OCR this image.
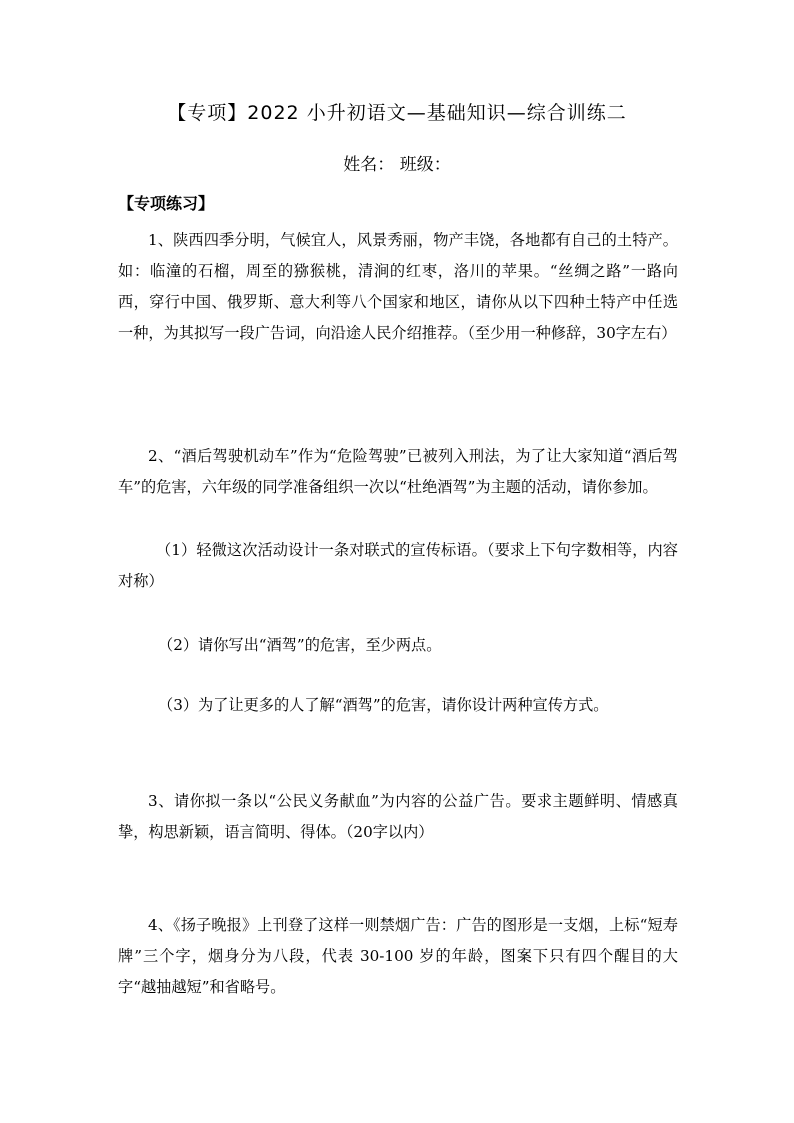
【专项】2022 小升初语文—基础知识—综合训练二
姓名： 班级：
【专项练习】
1、陕西四季分明，气候宜人，风景秀丽，物产丰饶，各地都有自己的土特产。如：临潼的石榴，周至的猕猴桃，清涧的红枣，洛川的苹果。“丝绸之路”一路向西，穿行中国、俄罗斯、意大利等八个国家和地区，请你从以下四种土特产中任选一种，为其拟写一段广告词，向沿途人民介绍推荐。（至少用一种修辞，30字左右）
2、“酒后驾驶机动车”作为“危险驾驶”已被列入刑法，为了让大家知道“酒后驾车”的危害，六年级的同学准备组织一次以“杜绝酒驾”为主题的活动，请你参加。
（1）轻微这次活动设计一条对联式的宣传标语。（要求上下句字数相等，内容对称）
（2）请你写出“酒驾”的危害，至少两点。
（3）为了让更多的人了解“酒驾”的危害，请你设计两种宣传方式。
3、请你拟一条以“公民义务献血”为内容的公益广告。要求主题鲜明、情感真挚，构思新颖，语言简明、得体。（20字以内）
4、《扬子晚报》上刊登了这样一则禁烟广告：广告的图形是一支烟，上标“短寿牌”三个字，烟身分为八段，代表 30-100 岁的年龄，图案下只有四个醒目的大字“越抽越短”和省略号。
